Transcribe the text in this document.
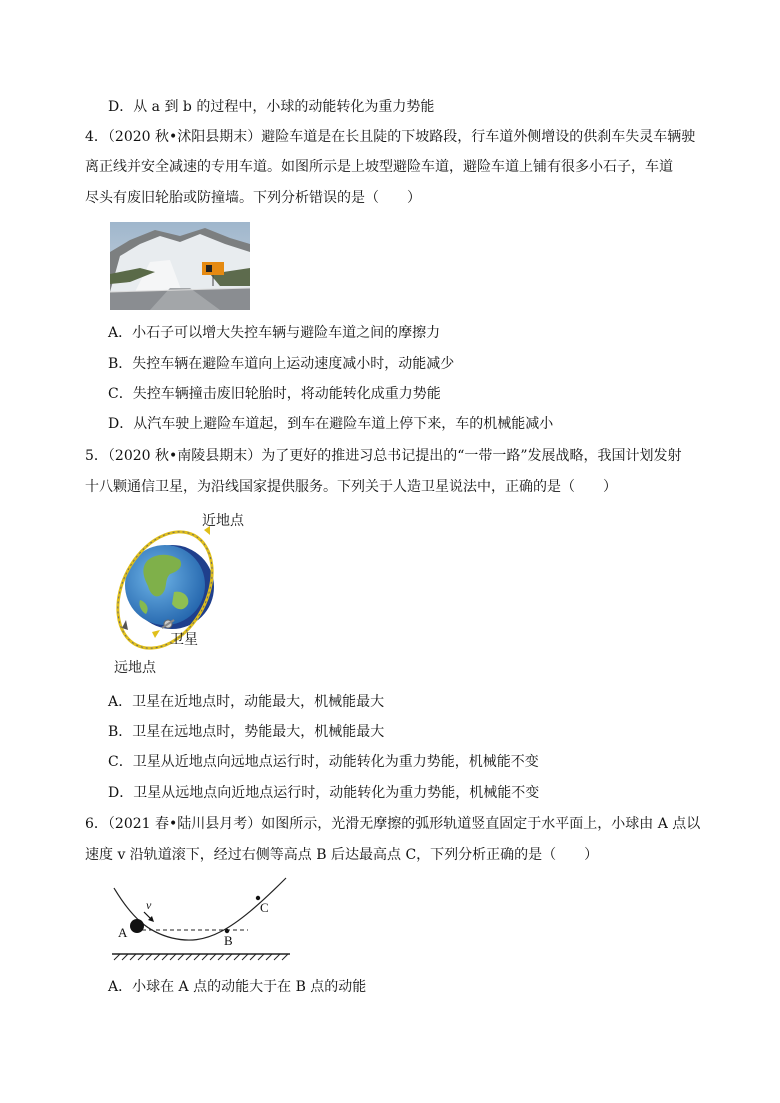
D．从 a 到 b 的过程中，小球的动能转化为重力势能
4．（2020 秋•沭阳县期末）避险车道是在长且陡的下坡路段，行车道外侧增设的供刹车失灵车辆驶
离正线并安全减速的专用车道。如图所示是上坡型避险车道，避险车道上铺有很多小石子，车道
尽头有废旧轮胎或防撞墙。下列分析错误的是（　　）
A．小石子可以增大失控车辆与避险车道之间的摩擦力
B．失控车辆在避险车道向上运动速度减小时，动能减少
C．失控车辆撞击废旧轮胎时，将动能转化成重力势能
D．从汽车驶上避险车道起，到车在避险车道上停下来，车的机械能减小
5．（2020 秋•南陵县期末）为了更好的推进习总书记提出的“一带一路”发展战略，我国计划发射
十八颗通信卫星，为沿线国家提供服务。下列关于人造卫星说法中，正确的是（　　）
近地点
远地点
卫星
A．卫星在近地点时，动能最大，机械能最大
B．卫星在远地点时，势能最大，机械能最大
C．卫星从近地点向远地点运行时，动能转化为重力势能，机械能不变
D．卫星从远地点向近地点运行时，动能转化为重力势能，机械能不变
6．（2021 春•陆川县月考）如图所示，光滑无摩擦的弧形轨道竖直固定于水平面上，小球由 A 点以
速度 v 沿轨道滚下，经过右侧等高点 B 后达最高点 C，下列分析正确的是（　　）
v
A
B
C
A．小球在 A 点的动能大于在 B 点的动能
